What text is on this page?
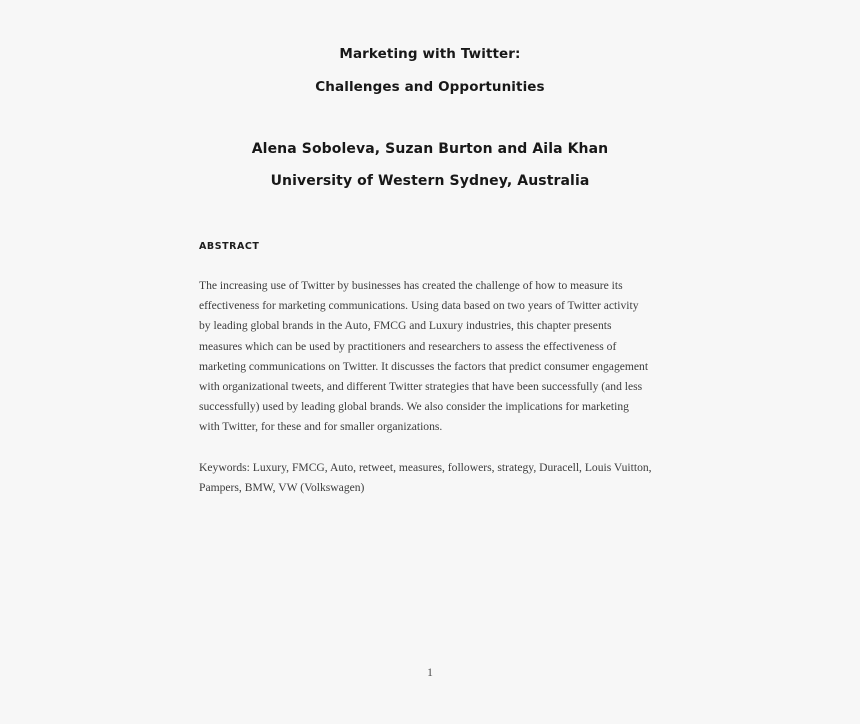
Marketing with Twitter:
Challenges and Opportunities
Alena Soboleva, Suzan Burton and Aila Khan
University of Western Sydney, Australia
ABSTRACT

The increasing use of Twitter by businesses has created the challenge of how to measure its
effectiveness for marketing communications. Using data based on two years of Twitter activity
by leading global brands in the Auto, FMCG and Luxury industries, this chapter presents
measures which can be used by practitioners and researchers to assess the effectiveness of
marketing communications on Twitter. It discusses the factors that predict consumer engagement
with organizational tweets, and different Twitter strategies that have been successfully (and less
successfully) used by leading global brands. We also consider the implications for marketing
with Twitter, for these and for smaller organizations.

Keywords: Luxury, FMCG, Auto, retweet, measures, followers, strategy, Duracell, Louis Vuitton,
Pampers, BMW, VW (Volkswagen)

1
